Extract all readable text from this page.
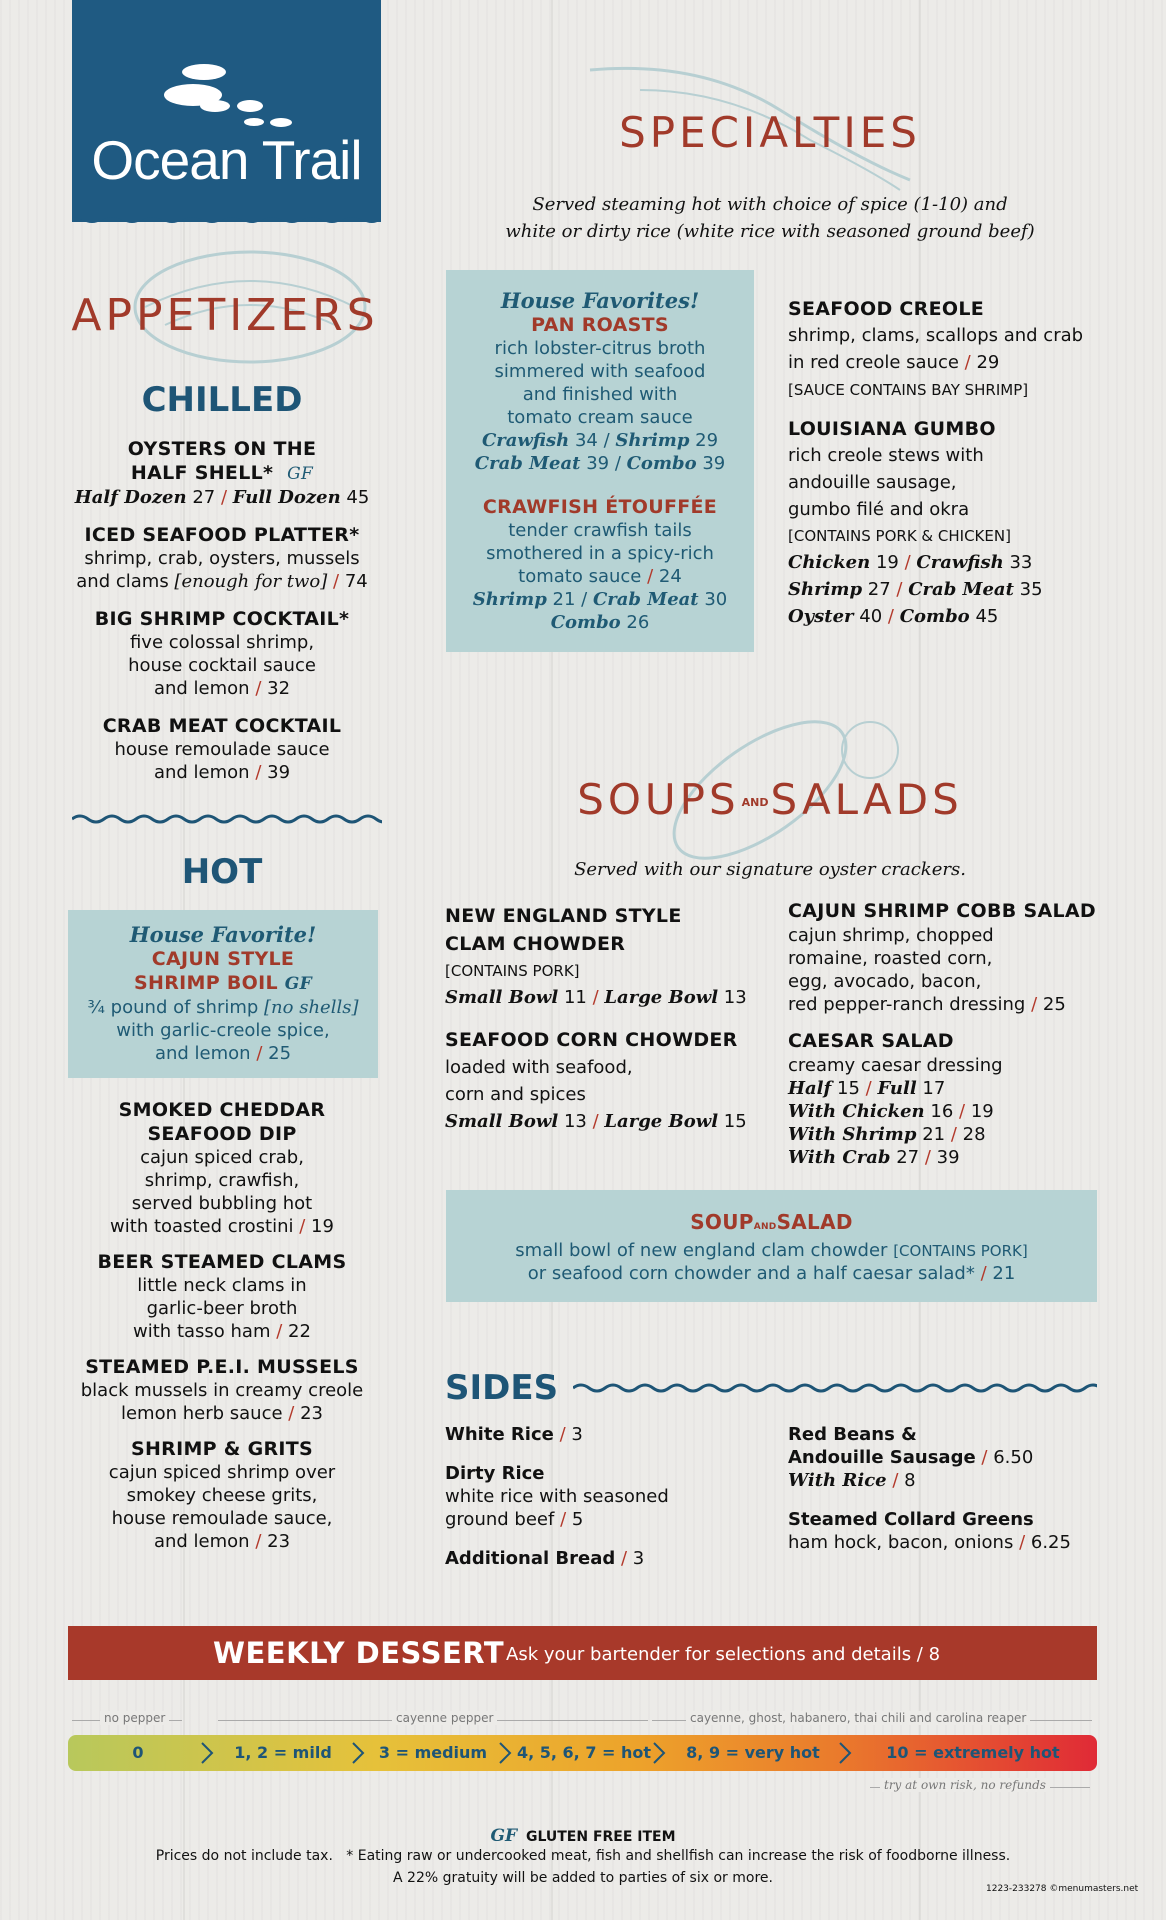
Ocean Trail
APPETIZERS
CHILLED
OYSTERS ON THE
HALF SHELL* GF
Half Dozen 27 / Full Dozen 45
ICED SEAFOOD PLATTER*
shrimp, crab, oysters, mussels
and clams [enough for two] / 74
BIG SHRIMP COCKTAIL*
five colossal shrimp,
house cocktail sauce
and lemon / 32
CRAB MEAT COCKTAIL
house remoulade sauce
and lemon / 39
HOT
House Favorite!
CAJUN STYLE
SHRIMP BOIL GF
¾ pound of shrimp [no shells]
with garlic-creole spice,
and lemon / 25
SMOKED CHEDDAR
SEAFOOD DIP
cajun spiced crab,
shrimp, crawfish,
served bubbling hot
with toasted crostini / 19
BEER STEAMED CLAMS
little neck clams in
garlic-beer broth
with tasso ham / 22
STEAMED P.E.I. MUSSELS
black mussels in creamy creole
lemon herb sauce / 23
SHRIMP & GRITS
cajun spiced shrimp over
smokey cheese grits,
house remoulade sauce,
and lemon / 23
SPECIALTIES
Served steaming hot with choice of spice (1-10) and
white or dirty rice (white rice with seasoned ground beef)
House Favorites!
PAN ROASTS
rich lobster-citrus broth
simmered with seafood
and finished with
tomato cream sauce
Crawfish 34 / Shrimp 29
Crab Meat 39 / Combo 39
CRAWFISH ÉTOUFFÉE
tender crawfish tails
smothered in a spicy-rich
tomato sauce / 24
Shrimp 21 / Crab Meat 30
Combo 26
SEAFOOD CREOLE
shrimp, clams, scallops and crab
in red creole sauce / 29
[SAUCE CONTAINS BAY SHRIMP]
LOUISIANA GUMBO
rich creole stews with
andouille sausage,
gumbo filé and okra
[CONTAINS PORK & CHICKEN]
Chicken 19 / Crawfish 33
Shrimp 27 / Crab Meat 35
Oyster 40 / Combo 45
SOUPS ANDSALADS
Served with our signature oyster crackers.
NEW ENGLAND STYLE
CLAM CHOWDER
[CONTAINS PORK]
Small Bowl 11 / Large Bowl 13
SEAFOOD CORN CHOWDER
loaded with seafood,
corn and spices
Small Bowl 13 / Large Bowl 15
CAJUN SHRIMP COBB SALAD
cajun shrimp, chopped
romaine, roasted corn,
egg, avocado, bacon,
red pepper-ranch dressing / 25
CAESAR SALAD
creamy caesar dressing
Half 15 / Full 17
With Chicken 16 / 19
With Shrimp 21 / 28
With Crab 27 / 39
SOUPANDSALAD
small bowl of new england clam chowder [CONTAINS PORK]
or seafood corn chowder and a half caesar salad* / 21
SIDES
White Rice / 3
Dirty Rice
white rice with seasoned
ground beef / 5
Additional Bread / 3
Red Beans &
Andouille Sausage / 6.50
With Rice / 8
Steamed Collard Greens
ham hock, bacon, onions / 6.25
WEEKLY DESSERT Ask your bartender for selections and details / 8
no pepper	cayenne pepper	cayenne, ghost, habanero, thai chili and carolina reaper
0	1, 2 = mild	3 = medium	4, 5, 6, 7 = hot	8, 9 = very hot	10 = extremely hot
try at own risk, no refunds
GF GLUTEN FREE ITEM
Prices do not include tax.   * Eating raw or undercooked meat, fish and shellfish can increase the risk of foodborne illness.
A 22% gratuity will be added to parties of six or more.
1223-233278 ©menumasters.net
